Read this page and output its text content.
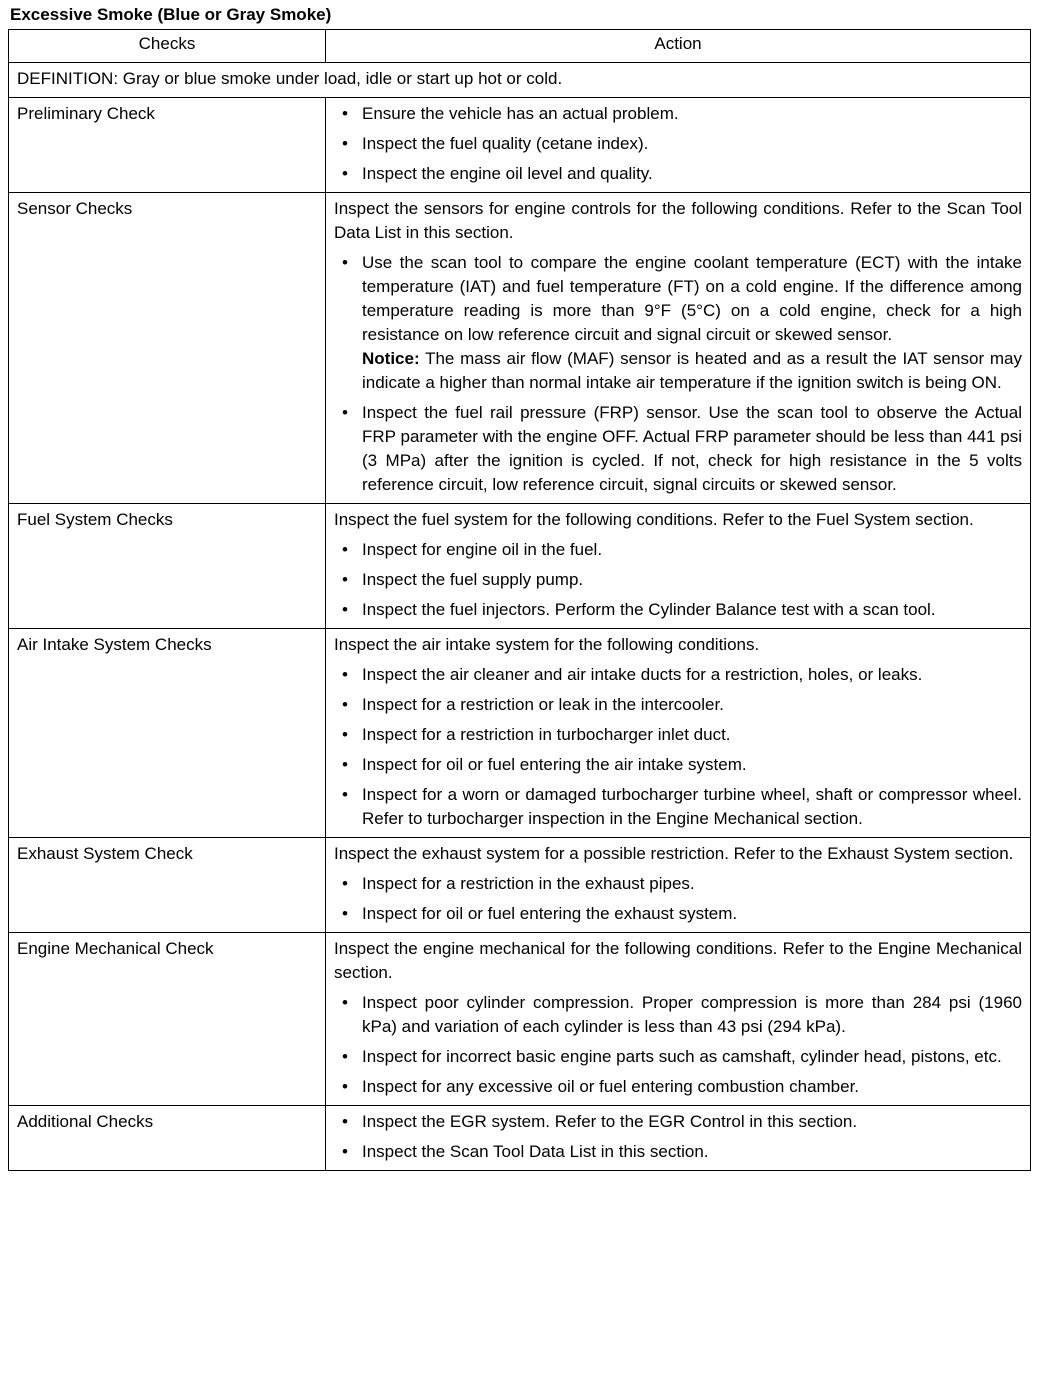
Excessive Smoke (Blue or Gray Smoke)
Checks	Action
DEFINITION: Gray or blue smoke under load, idle or start up hot or cold.	
Preliminary Check	• Ensure the vehicle has an actual problem.
• Inspect the fuel quality (cetane index).
• Inspect the engine oil level and quality.

Sensor Checks	Inspect the sensors for engine controls for the following conditions. Refer to the Scan Tool Data List in this section.

• Use the scan tool to compare the engine coolant temperature (ECT) with the intake temperature (IAT) and fuel temperature (FT) on a cold engine. If the difference among temperature reading is more than 9°F (5°C) on a cold engine, check for a high resistance on low reference circuit and signal circuit or skewed sensor.
Notice: The mass air flow (MAF) sensor is heated and as a result the IAT sensor may indicate a higher than normal intake air temperature if the ignition switch is being ON.
• Inspect the fuel rail pressure (FRP) sensor. Use the scan tool to observe the Actual FRP parameter with the engine OFF. Actual FRP parameter should be less than 441 psi (3 MPa) after the ignition is cycled. If not, check for high resistance in the 5 volts reference circuit, low reference circuit, signal circuits or skewed sensor.

Fuel System Checks	Inspect the fuel system for the following conditions. Refer to the Fuel System section.

• Inspect for engine oil in the fuel.
• Inspect the fuel supply pump.
• Inspect the fuel injectors. Perform the Cylinder Balance test with a scan tool.

Air Intake System Checks	Inspect the air intake system for the following conditions.

• Inspect the air cleaner and air intake ducts for a restriction, holes, or leaks.
• Inspect for a restriction or leak in the intercooler.
• Inspect for a restriction in turbocharger inlet duct.
• Inspect for oil or fuel entering the air intake system.
• Inspect for a worn or damaged turbocharger turbine wheel, shaft or compressor wheel. Refer to turbocharger inspection in the Engine Mechanical section.

Exhaust System Check	Inspect the exhaust system for a possible restriction. Refer to the Exhaust System section.

• Inspect for a restriction in the exhaust pipes.
• Inspect for oil or fuel entering the exhaust system.

Engine Mechanical Check	Inspect the engine mechanical for the following conditions. Refer to the Engine Mechanical section.

• Inspect poor cylinder compression. Proper compression is more than 284 psi (1960 kPa) and variation of each cylinder is less than 43 psi (294 kPa).
• Inspect for incorrect basic engine parts such as camshaft, cylinder head, pistons, etc.
• Inspect for any excessive oil or fuel entering combustion chamber.

Additional Checks	• Inspect the EGR system. Refer to the EGR Control in this section.
• Inspect the Scan Tool Data List in this section.
